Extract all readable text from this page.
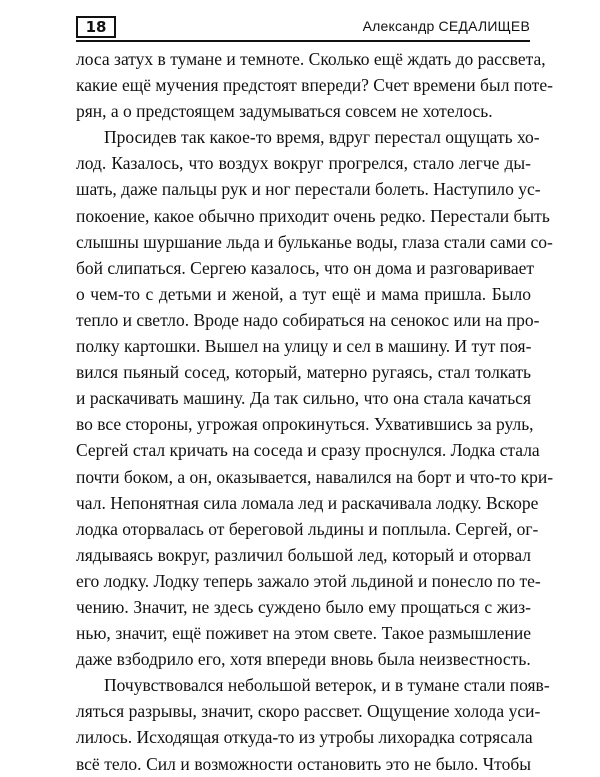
18	Александр СЕДАЛИЩЕВ
лоса затух в тумане и темноте. Сколько ещё ждать до рассвета,
какие ещё мучения предстоят впереди? Счет времени был поте-
рян, а о предстоящем задумываться совсем не хотелось.
Просидев так какое-то время, вдруг перестал ощущать хо-
лод. Казалось, что воздух вокруг прогрелся, стало легче ды-
шать, даже пальцы рук и ног перестали болеть. Наступило ус-
покоение, какое обычно приходит очень редко. Перестали быть
слышны шуршание льда и бульканье воды, глаза стали сами со-
бой слипаться. Сергею казалось, что он дома и разговаривает
о чем-то с детьми и женой, а тут ещё и мама пришла. Было
тепло и светло. Вроде надо собираться на сенокос или на про-
полку картошки. Вышел на улицу и сел в машину. И тут поя-
вился пьяный сосед, который, матерно ругаясь, стал толкать
и раскачивать машину. Да так сильно, что она стала качаться
во все стороны, угрожая опрокинуться. Ухватившись за руль,
Сергей стал кричать на соседа и сразу проснулся. Лодка стала
почти боком, а он, оказывается, навалился на борт и что-то кри-
чал. Непонятная сила ломала лед и раскачивала лодку. Вскоре
лодка оторвалась от береговой льдины и поплыла. Сергей, ог-
лядываясь вокруг, различил большой лед, который и оторвал
его лодку. Лодку теперь зажало этой льдиной и понесло по те-
чению. Значит, не здесь суждено было ему прощаться с жиз-
нью, значит, ещё поживет на этом свете. Такое размышление
даже взбодрило его, хотя впереди вновь была неизвестность.
Почувствовался небольшой ветерок, и в тумане стали появ-
ляться разрывы, значит, скоро рассвет. Ощущение холода уси-
лилось. Исходящая откуда-то из утробы лихорадка сотрясала
всё тело. Сил и возможности остановить это не было. Чтобы
